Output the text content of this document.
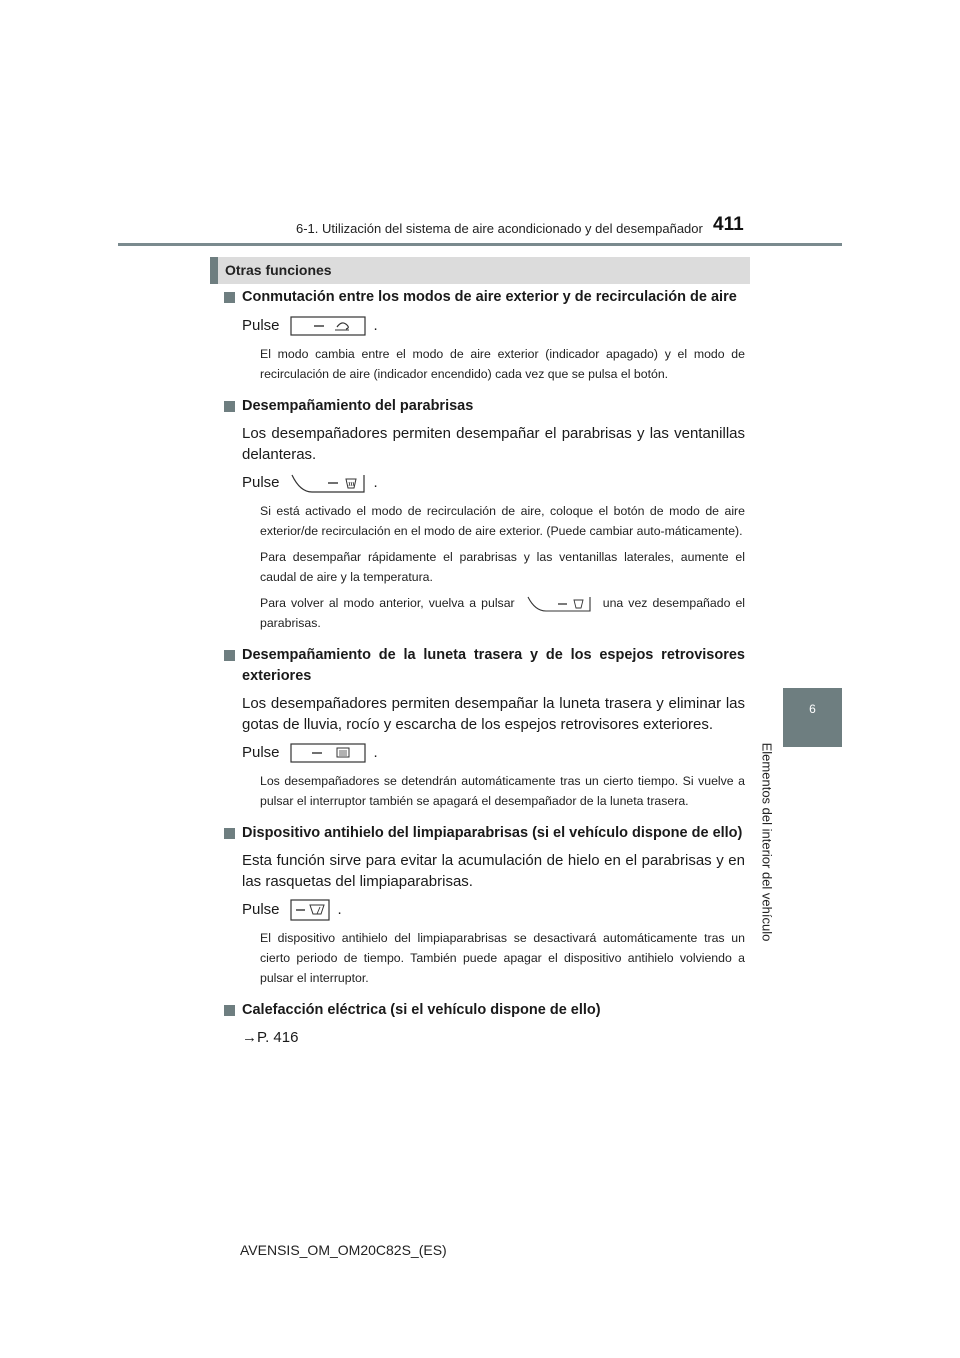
6-1. Utilización del sistema de aire acondicionado y del desempañador 411
6
Elementos del interior del vehículo
Otras funciones
Conmutación entre los modos de aire exterior y de recirculación de aire
Pulse	.
El modo cambia entre el modo de aire exterior (indicador apagado) y el modo de recirculación de aire (indicador encendido) cada vez que se pulsa el botón.
Desempañamiento del parabrisas
Los desempañadores permiten desempañar el parabrisas y las ventanillas delanteras.
Pulse	.
Si está activado el modo de recirculación de aire, coloque el botón de modo de aire exterior/de recirculación en el modo de aire exterior. (Puede cambiar auto-máticamente).
Para desempañar rápidamente el parabrisas y las ventanillas laterales, aumente el caudal de aire y la temperatura.
Para volver al modo anterior, vuelva a pulsar	una vez desempañado el parabrisas.
Desempañamiento de la luneta trasera y de los espejos retrovisores exteriores
Los desempañadores permiten desempañar la luneta trasera y eliminar las gotas de lluvia, rocío y escarcha de los espejos retrovisores exteriores.
Pulse	.
Los desempañadores se detendrán automáticamente tras un cierto tiempo. Si vuelve a pulsar el interruptor también se apagará el desempañador de la luneta trasera.
Dispositivo antihielo del limpiaparabrisas (si el vehículo dispone de ello)
Esta función sirve para evitar la acumulación de hielo en el parabrisas y en las rasquetas del limpiaparabrisas.
Pulse	.
El dispositivo antihielo del limpiaparabrisas se desactivará automáticamente tras un cierto periodo de tiempo. También puede apagar el dispositivo antihielo volviendo a pulsar el interruptor.
Calefacción eléctrica (si el vehículo dispone de ello)
→P. 416
AVENSIS_OM_OM20C82S_(ES)
